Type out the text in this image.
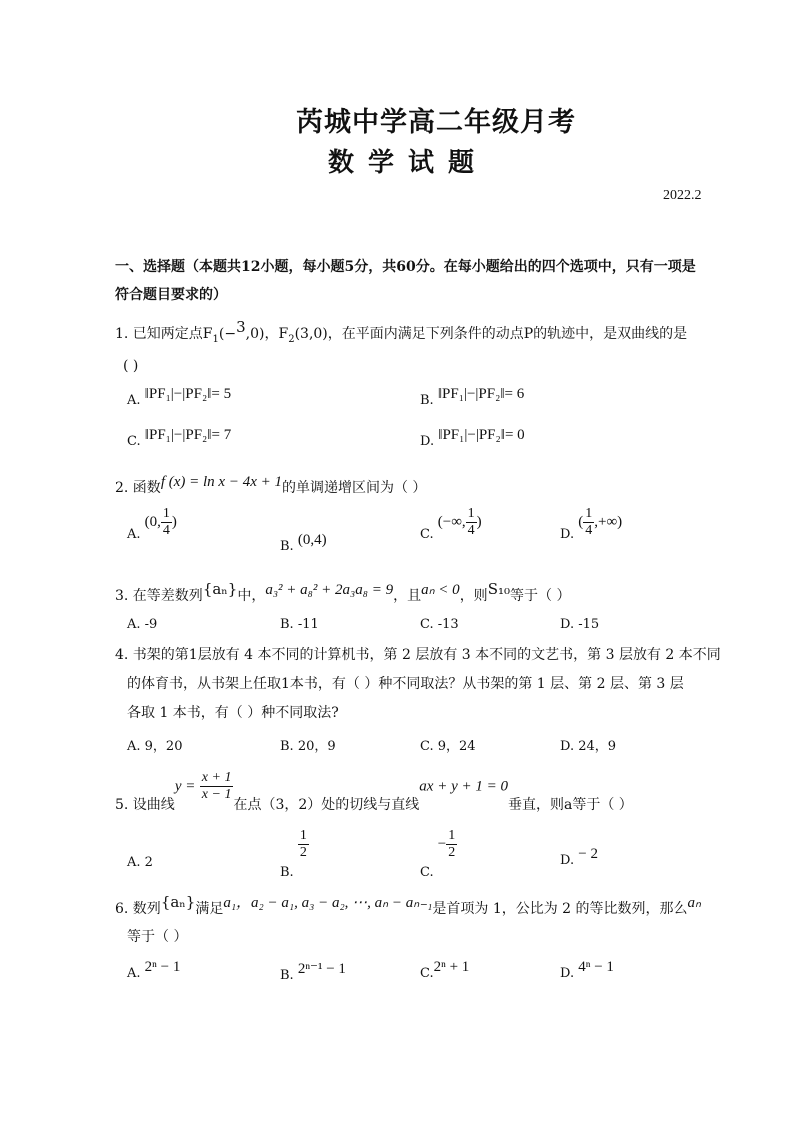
芮城中学高二年级月考
数学试题
2022.2
一、选择题（本题共12小题，每小题5分，共60分。在每小题给出的四个选项中，只有一项是
符合题目要求的）
1. 已知两定点$F_1(-3,0)$，$F_2(3,0)$，在平面内满足下列条件的动点P的轨迹中，是双曲线的是
( )
A. ‖PF₁|−|PF₂‖= 5	B. ‖PF₁|−|PF₂‖= 6
C. ‖PF₁|−|PF₂‖= 7	D. ‖PF₁|−|PF₂‖= 0
2. 函数f (x) = ln x − 4x + 1的单调递增区间为（ ）
A. (0, $\frac{1}{4}$ )
B. (0,4)	C. (−∞, $\frac{1}{4}$ )
D. ( $\frac{1}{4}$ ,+∞)
3. 在等差数列{aₙ}中，a₃² + a₈² + 2a₃a₈ = 9，且aₙ < 0，则S₁₀等于（ ）
A. -9	B. -11	C. -13	D. -15
4. 书架的第1层放有 4 本不同的计算机书，第 2 层放有 3 本不同的文艺书，第 3 层放有 2 本不同
的体育书，从书架上任取1本书，有（ ）种不同取法？从书架的第 1 层、第 2 层、第 3 层
各取 1 本书，有（ ）种不同取法?
A. 9，20	B. 20，9	C. 9，24	D. 24，9
5. 设曲线$y = \frac{x + 1}{x - 1}$
在点（3，2）处的切线与直线ax + y + 1 = 0垂直，则a等于（ ）
A. 2
B.
$\frac{1}{2}$
C. − $\frac{1}{2}$	D. − 2
6. 数列{aₙ}满足a₁，a₂ − a₁, a₃ − a₂, ⋯, aₙ − aₙ₋₁是首项为 1，公比为 2 的等比数列，那么aₙ
等于（ ）
A. 2ⁿ − 1
B. 2ⁿ⁻¹ − 1	C.2ⁿ + 1	D. 4ⁿ − 1
